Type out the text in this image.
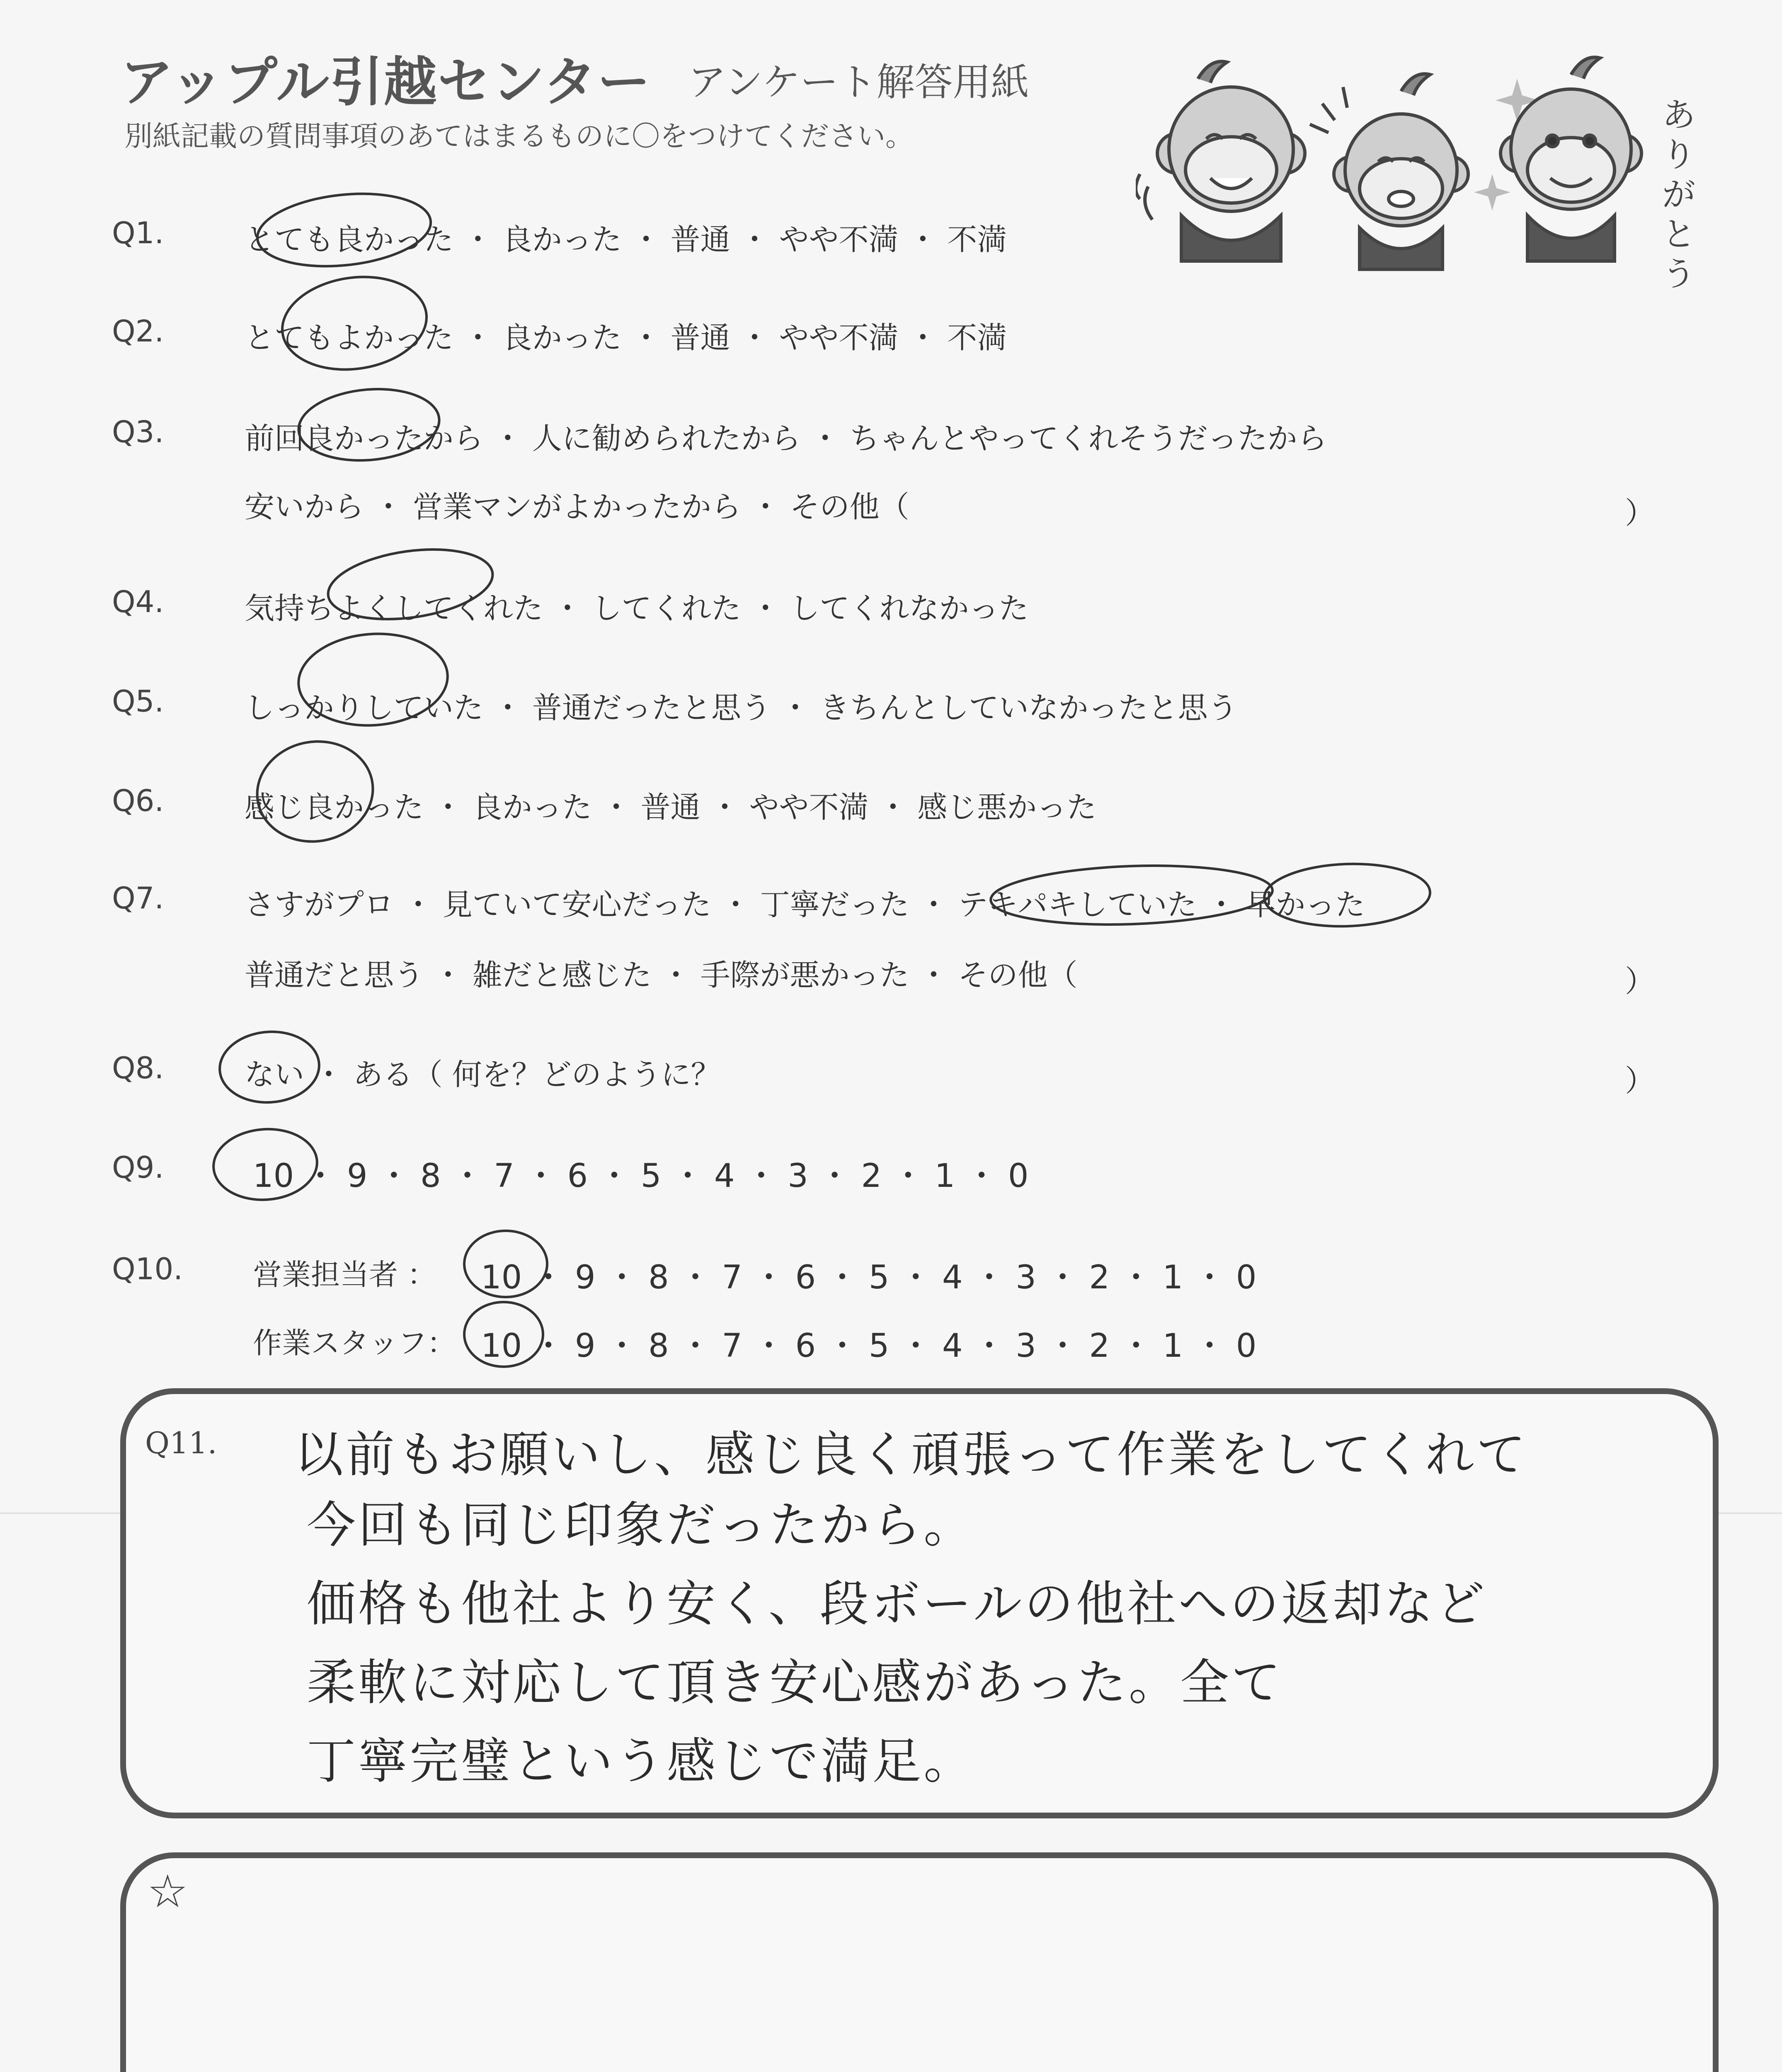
アップル引越センター アンケート解答用紙
別紙記載の質問事項のあてはまるものに〇をつけてください。
ありがとう
Q1.	とても良かった ・ 良かった ・ 普通 ・ やや不満 ・ 不満
Q2.	とてもよかった ・ 良かった ・ 普通 ・ やや不満 ・ 不満
Q3.	前回良かったから ・ 人に勧められたから ・ ちゃんとやってくれそうだったから
安いから ・ 営業マンがよかったから ・ その他（	）
Q4.	気持ちよくしてくれた ・ してくれた ・ してくれなかった
Q5.	しっかりしていた ・ 普通だったと思う ・ きちんとしていなかったと思う
Q6.	感じ良かった ・ 良かった ・ 普通 ・ やや不満 ・ 感じ悪かった
Q7.	さすがプロ ・ 見ていて安心だった ・ 丁寧だった ・ テキパキしていた ・ 早かった
普通だと思う ・ 雑だと感じた ・ 手際が悪かった ・ その他（	）
Q8.	ない ・ ある（ 何を？どのように？	）
Q9.	10 ・ 9 ・ 8 ・ 7 ・ 6 ・ 5 ・ 4 ・ 3 ・ 2 ・ 1 ・ 0
Q10. 営業担当者 ： 10 ・ 9 ・ 8 ・ 7 ・ 6 ・ 5 ・ 4 ・ 3 ・ 2 ・ 1 ・ 0
作業スタッフ： 10 ・ 9 ・ 8 ・ 7 ・ 6 ・ 5 ・ 4 ・ 3 ・ 2 ・ 1 ・ 0
Q11. 以前もお願いし、感じ良く頑張って作業をしてくれて
今回も同じ印象だったから。
価格も他社より安く、段ボールの他社への返却など
柔軟に対応して頂き安心感があった。全て
丁寧完璧という感じで満足。
☆
